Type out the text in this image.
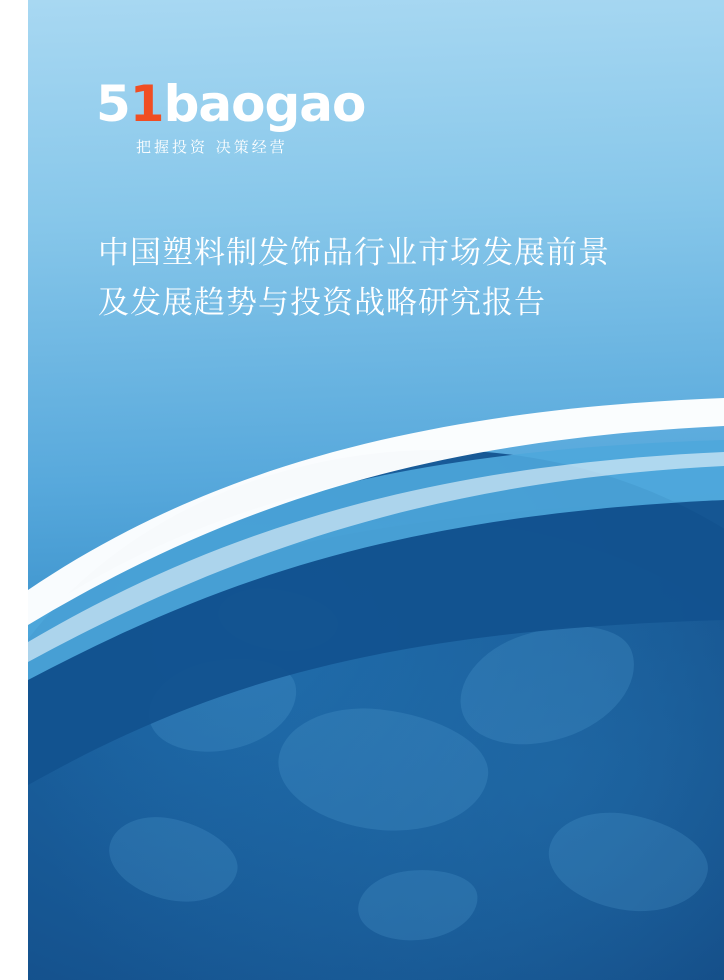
51baogao
把握投资 决策经营
中国塑料制发饰品行业市场发展前景
及发展趋势与投资战略研究报告
